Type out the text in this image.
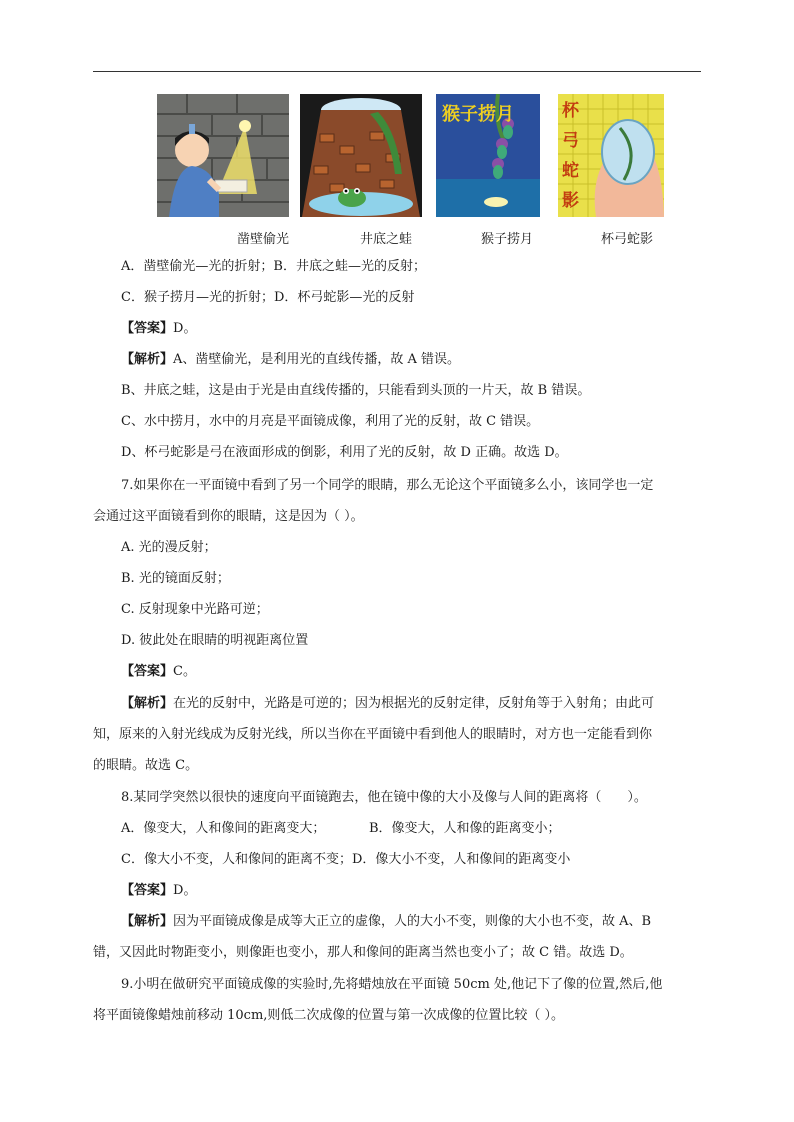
猴子捞月	杯
弓
蛇
影
凿壁偷光	井底之蛙	猴子捞月	杯弓蛇影
A．凿壁偷光—光的折射；B．井底之蛙—光的反射；
C．猴子捞月—光的折射；D．杯弓蛇影—光的反射
【答案】D。
【解析】A、凿壁偷光，是利用光的直线传播，故 A 错误。
B、井底之蛙，这是由于光是由直线传播的，只能看到头顶的一片天，故 B 错误。
C、水中捞月，水中的月亮是平面镜成像，利用了光的反射，故 C 错误。
D、杯弓蛇影是弓在液面形成的倒影，利用了光的反射，故 D 正确。故选 D。
7.如果你在一平面镜中看到了另一个同学的眼睛，那么无论这个平面镜多么小，该同学也一定
会通过这平面镜看到你的眼睛，这是因为（ ）。
A. 光的漫反射；
B. 光的镜面反射；
C. 反射现象中光路可逆；
D. 彼此处在眼睛的明视距离位置
【答案】C。
【解析】在光的反射中，光路是可逆的；因为根据光的反射定律，反射角等于入射角；由此可
知，原来的入射光线成为反射光线，所以当你在平面镜中看到他人的眼睛时，对方也一定能看到你
的眼睛。故选 C。
8.某同学突然以很快的速度向平面镜跑去，他在镜中像的大小及像与人间的距离将（　　）。
A．像变大，人和像间的距离变大；	B．像变大，人和像的距离变小；
C．像大小不变，人和像间的距离不变；D．像大小不变，人和像间的距离变小
【答案】D。
【解析】因为平面镜成像是成等大正立的虚像，人的大小不变，则像的大小也不变，故 A、B
错，又因此时物距变小，则像距也变小，那人和像间的距离当然也变小了；故 C 错。故选 D。
9.小明在做研究平面镜成像的实验时,先将蜡烛放在平面镜 50cm 处,他记下了像的位置,然后,他
将平面镜像蜡烛前移动 10cm,则低二次成像的位置与第一次成像的位置比较（ ）。
